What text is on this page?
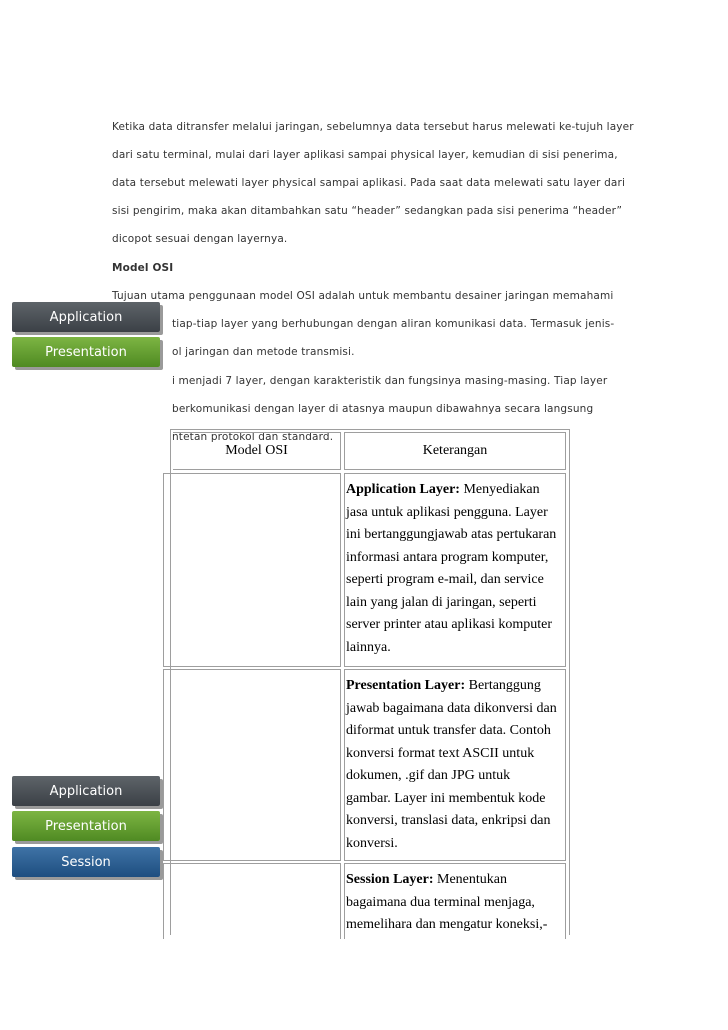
Ketika data ditransfer melalui jaringan, sebelumnya data tersebut harus melewati ke-tujuh layer
dari satu terminal, mulai dari layer aplikasi sampai physical layer, kemudian di sisi penerima,
data tersebut melewati layer physical sampai aplikasi. Pada saat data melewati satu layer dari
sisi pengirim, maka akan ditambahkan satu “header” sedangkan pada sisi penerima “header”
dicopot sesuai dengan layernya.
Model OSI
Tujuan utama penggunaan model OSI adalah untuk membantu desainer jaringan memahami
tiap-tiap layer yang berhubungan dengan aliran komunikasi data. Termasuk jenis-
ol jaringan dan metode transmisi.
i menjadi 7 layer, dengan karakteristik dan fungsinya masing-masing. Tiap layer
berkomunikasi dengan layer di atasnya maupun dibawahnya secara langsung
ntetan protokol dan standard.
Model OSI	Keterangan
Application Layer: Menyediakan
jasa untuk aplikasi pengguna. Layer
ini bertanggungjawab atas pertukaran
informasi antara program komputer,
seperti program e-mail, dan service
lain yang jalan di jaringan, seperti
server printer atau aplikasi komputer
lainnya.
Presentation Layer: Bertanggung
jawab bagaimana data dikonversi dan
diformat untuk transfer data. Contoh
konversi format text ASCII untuk
dokumen, .gif dan JPG untuk
gambar. Layer ini membentuk kode
konversi, translasi data, enkripsi dan
konversi.
Session Layer: Menentukan
bagaimana dua terminal menjaga,
memelihara dan mengatur koneksi,-
Application
Presentation
Application
Presentation
Session
